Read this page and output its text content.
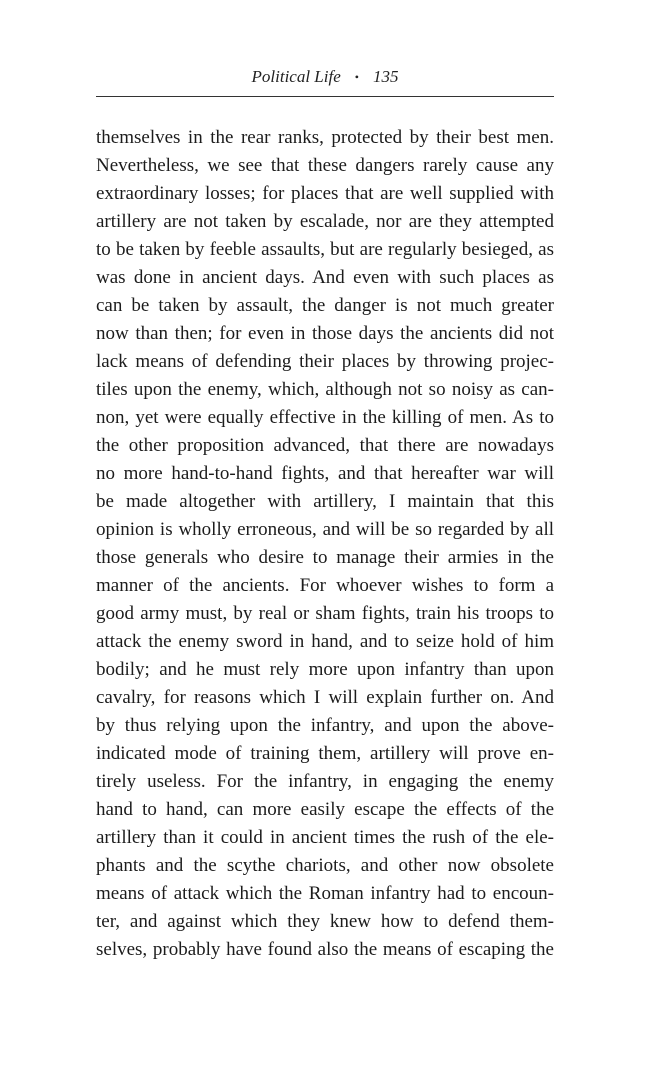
Political Life • 135
themselves in the rear ranks, protected by their best men.
Nevertheless, we see that these dangers rarely cause any
extraordinary losses; for places that are well supplied with
artillery are not taken by escalade, nor are they attempted
to be taken by feeble assaults, but are regularly besieged, as
was done in ancient days. And even with such places as
can be taken by assault, the danger is not much greater
now than then; for even in those days the ancients did not
lack means of defending their places by throwing projec-
tiles upon the enemy, which, although not so noisy as can-
non, yet were equally effective in the killing of men. As to
the other proposition advanced, that there are nowadays
no more hand-to-hand fights, and that hereafter war will
be made altogether with artillery, I maintain that this
opinion is wholly erroneous, and will be so regarded by all
those generals who desire to manage their armies in the
manner of the ancients. For whoever wishes to form a
good army must, by real or sham fights, train his troops to
attack the enemy sword in hand, and to seize hold of him
bodily; and he must rely more upon infantry than upon
cavalry, for reasons which I will explain further on. And
by thus relying upon the infantry, and upon the above-
indicated mode of training them, artillery will prove en-
tirely useless. For the infantry, in engaging the enemy
hand to hand, can more easily escape the effects of the
artillery than it could in ancient times the rush of the ele-
phants and the scythe chariots, and other now obsolete
means of attack which the Roman infantry had to encoun-
ter, and against which they knew how to defend them-
selves, probably have found also the means of escaping the
